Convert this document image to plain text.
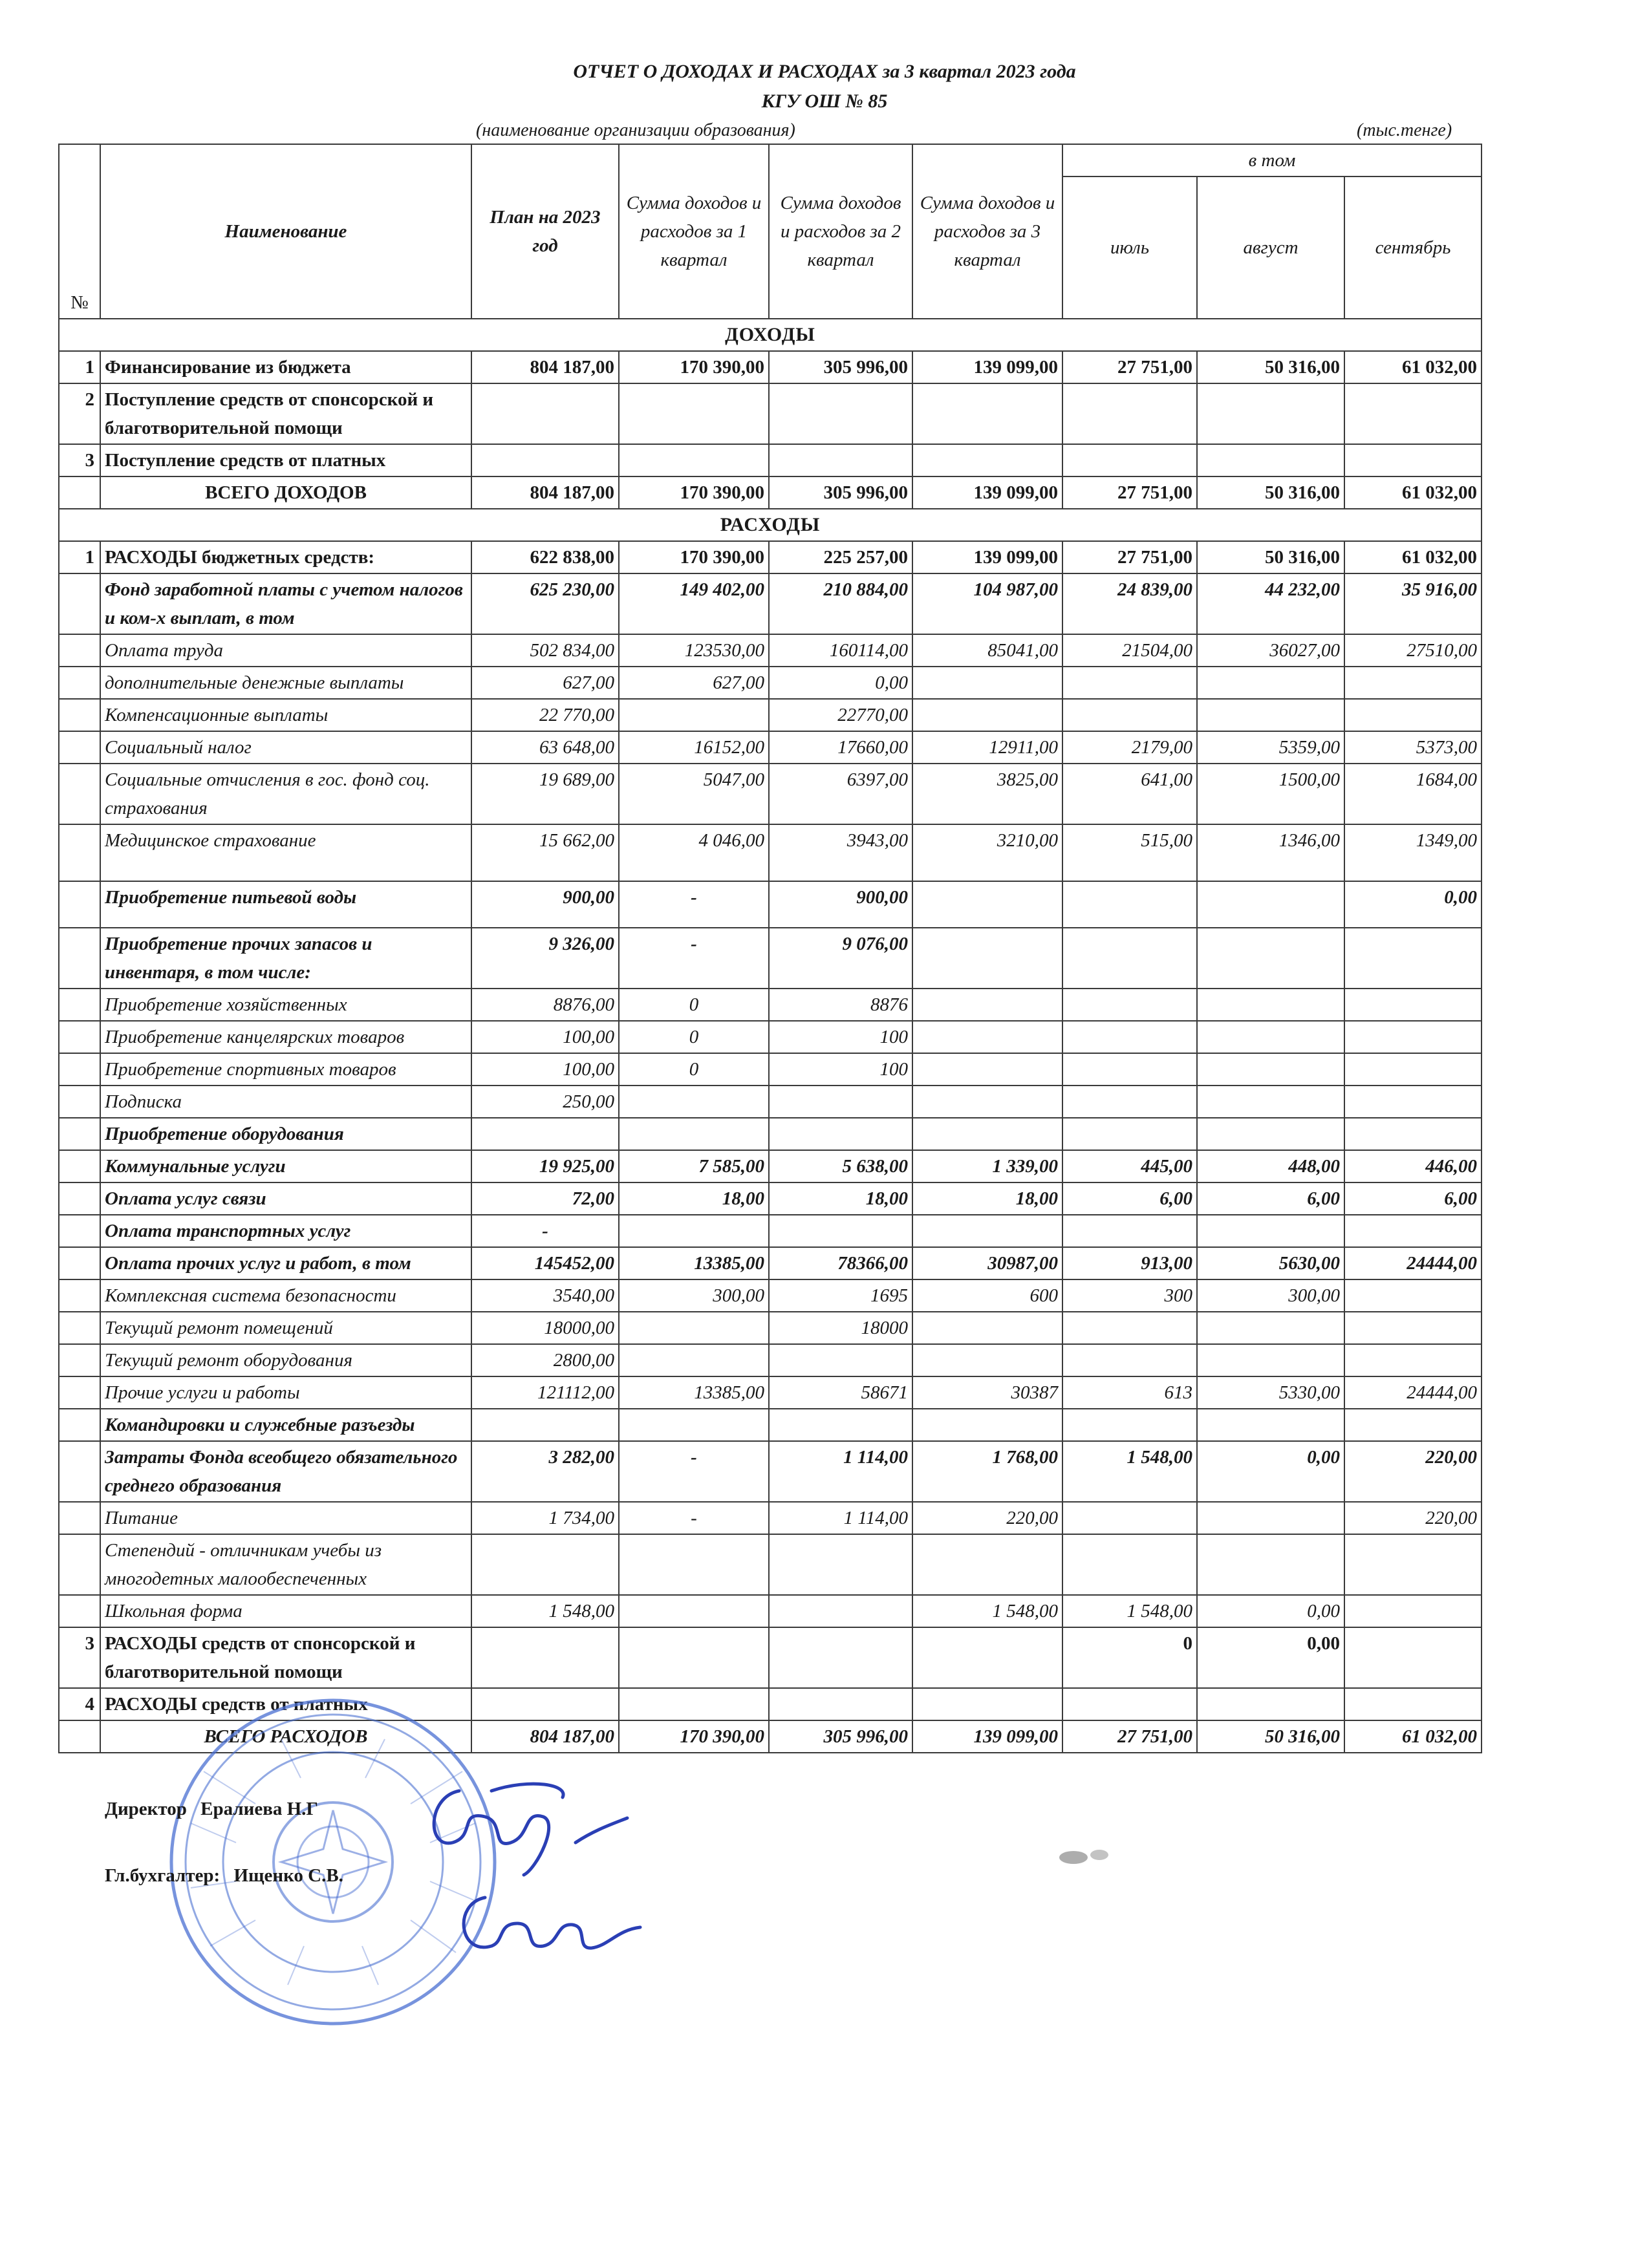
ОТЧЕТ О ДОХОДАХ И РАСХОДАХ за 3 квартал 2023 года
КГУ ОШ № 85
(наименование организации образования)	(тыс.тенге)
№	Наименование	План на 2023 год	Сумма доходов и расходов за 1 квартал	Сумма доходов и расходов за 2 квартал	Сумма доходов и расходов за 3 квартал	в том		
						июль	август	сентябрь
ДОХОДЫ								
1	Финансирование из бюджета	804 187,00	170 390,00	305 996,00	139 099,00	27 751,00	50 316,00	61 032,00
2	Поступление средств от спонсорской и благотворительной помощи							
3	Поступление средств от платных							
	ВСЕГО ДОХОДОВ	804 187,00	170 390,00	305 996,00	139 099,00	27 751,00	50 316,00	61 032,00
РАСХОДЫ								
1	РАСХОДЫ бюджетных средств:	622 838,00	170 390,00	225 257,00	139 099,00	27 751,00	50 316,00	61 032,00
	Фонд заработной платы с учетом налогов и ком-х выплат, в том	625 230,00	149 402,00	210 884,00	104 987,00	24 839,00	44 232,00	35 916,00
	Оплата труда	502 834,00	123530,00	160114,00	85041,00	21504,00	36027,00	27510,00
	дополнительные денежные выплаты	627,00	627,00	0,00				
	Компенсационные выплаты	22 770,00		22770,00				
	Социальный налог	63 648,00	16152,00	17660,00	12911,00	2179,00	5359,00	5373,00
	Социальные отчисления в гос. фонд соц. страхования	19 689,00	5047,00	6397,00	3825,00	641,00	1500,00	1684,00
	Медицинское страхование	15 662,00	4 046,00	3943,00	3210,00	515,00	1346,00	1349,00
	Приобретение питьевой воды	900,00	-	900,00				0,00
	Приобретение прочих запасов и инвентаря, в том числе:	9 326,00	-	9 076,00				
	Приобретение хозяйственных	8876,00	0	8876				
	Приобретение канцелярских товаров	100,00	0	100				
	Приобретение спортивных товаров	100,00	0	100				
	Подписка	250,00						
	Приобретение оборудования							
	Коммунальные услуги	19 925,00	7 585,00	5 638,00	1 339,00	445,00	448,00	446,00
	Оплата услуг связи	72,00	18,00	18,00	18,00	6,00	6,00	6,00
	Оплата транспортных услуг	-						
	Оплата прочих услуг и работ, в том	145452,00	13385,00	78366,00	30987,00	913,00	5630,00	24444,00
	Комплексная система безопасности	3540,00	300,00	1695	600	300	300,00	
	Текущий ремонт помещений	18000,00		18000				
	Текущий ремонт оборудования	2800,00						
	Прочие услуги и работы	121112,00	13385,00	58671	30387	613	5330,00	24444,00
	Командировки и служебные разъезды							
	Затраты Фонда всеобщего обязательного среднего образования	3 282,00	-	1 114,00	1 768,00	1 548,00	0,00	220,00
	Питание	1 734,00	-	1 114,00	220,00			220,00
	Степендий - отличникам учебы из многодетных малообеспеченных							
	Школьная форма	1 548,00			1 548,00	1 548,00	0,00	
3	РАСХОДЫ средств от спонсорской и благотворительной помощи					0	0,00	
4	РАСХОДЫ средств от платных							
	ВСЕГО РАСХОДОВ	804 187,00	170 390,00	305 996,00	139 099,00	27 751,00	50 316,00	61 032,00
Директор Ералиева Н.Г
Гл.бухгалтер: Ищенко С.В.
